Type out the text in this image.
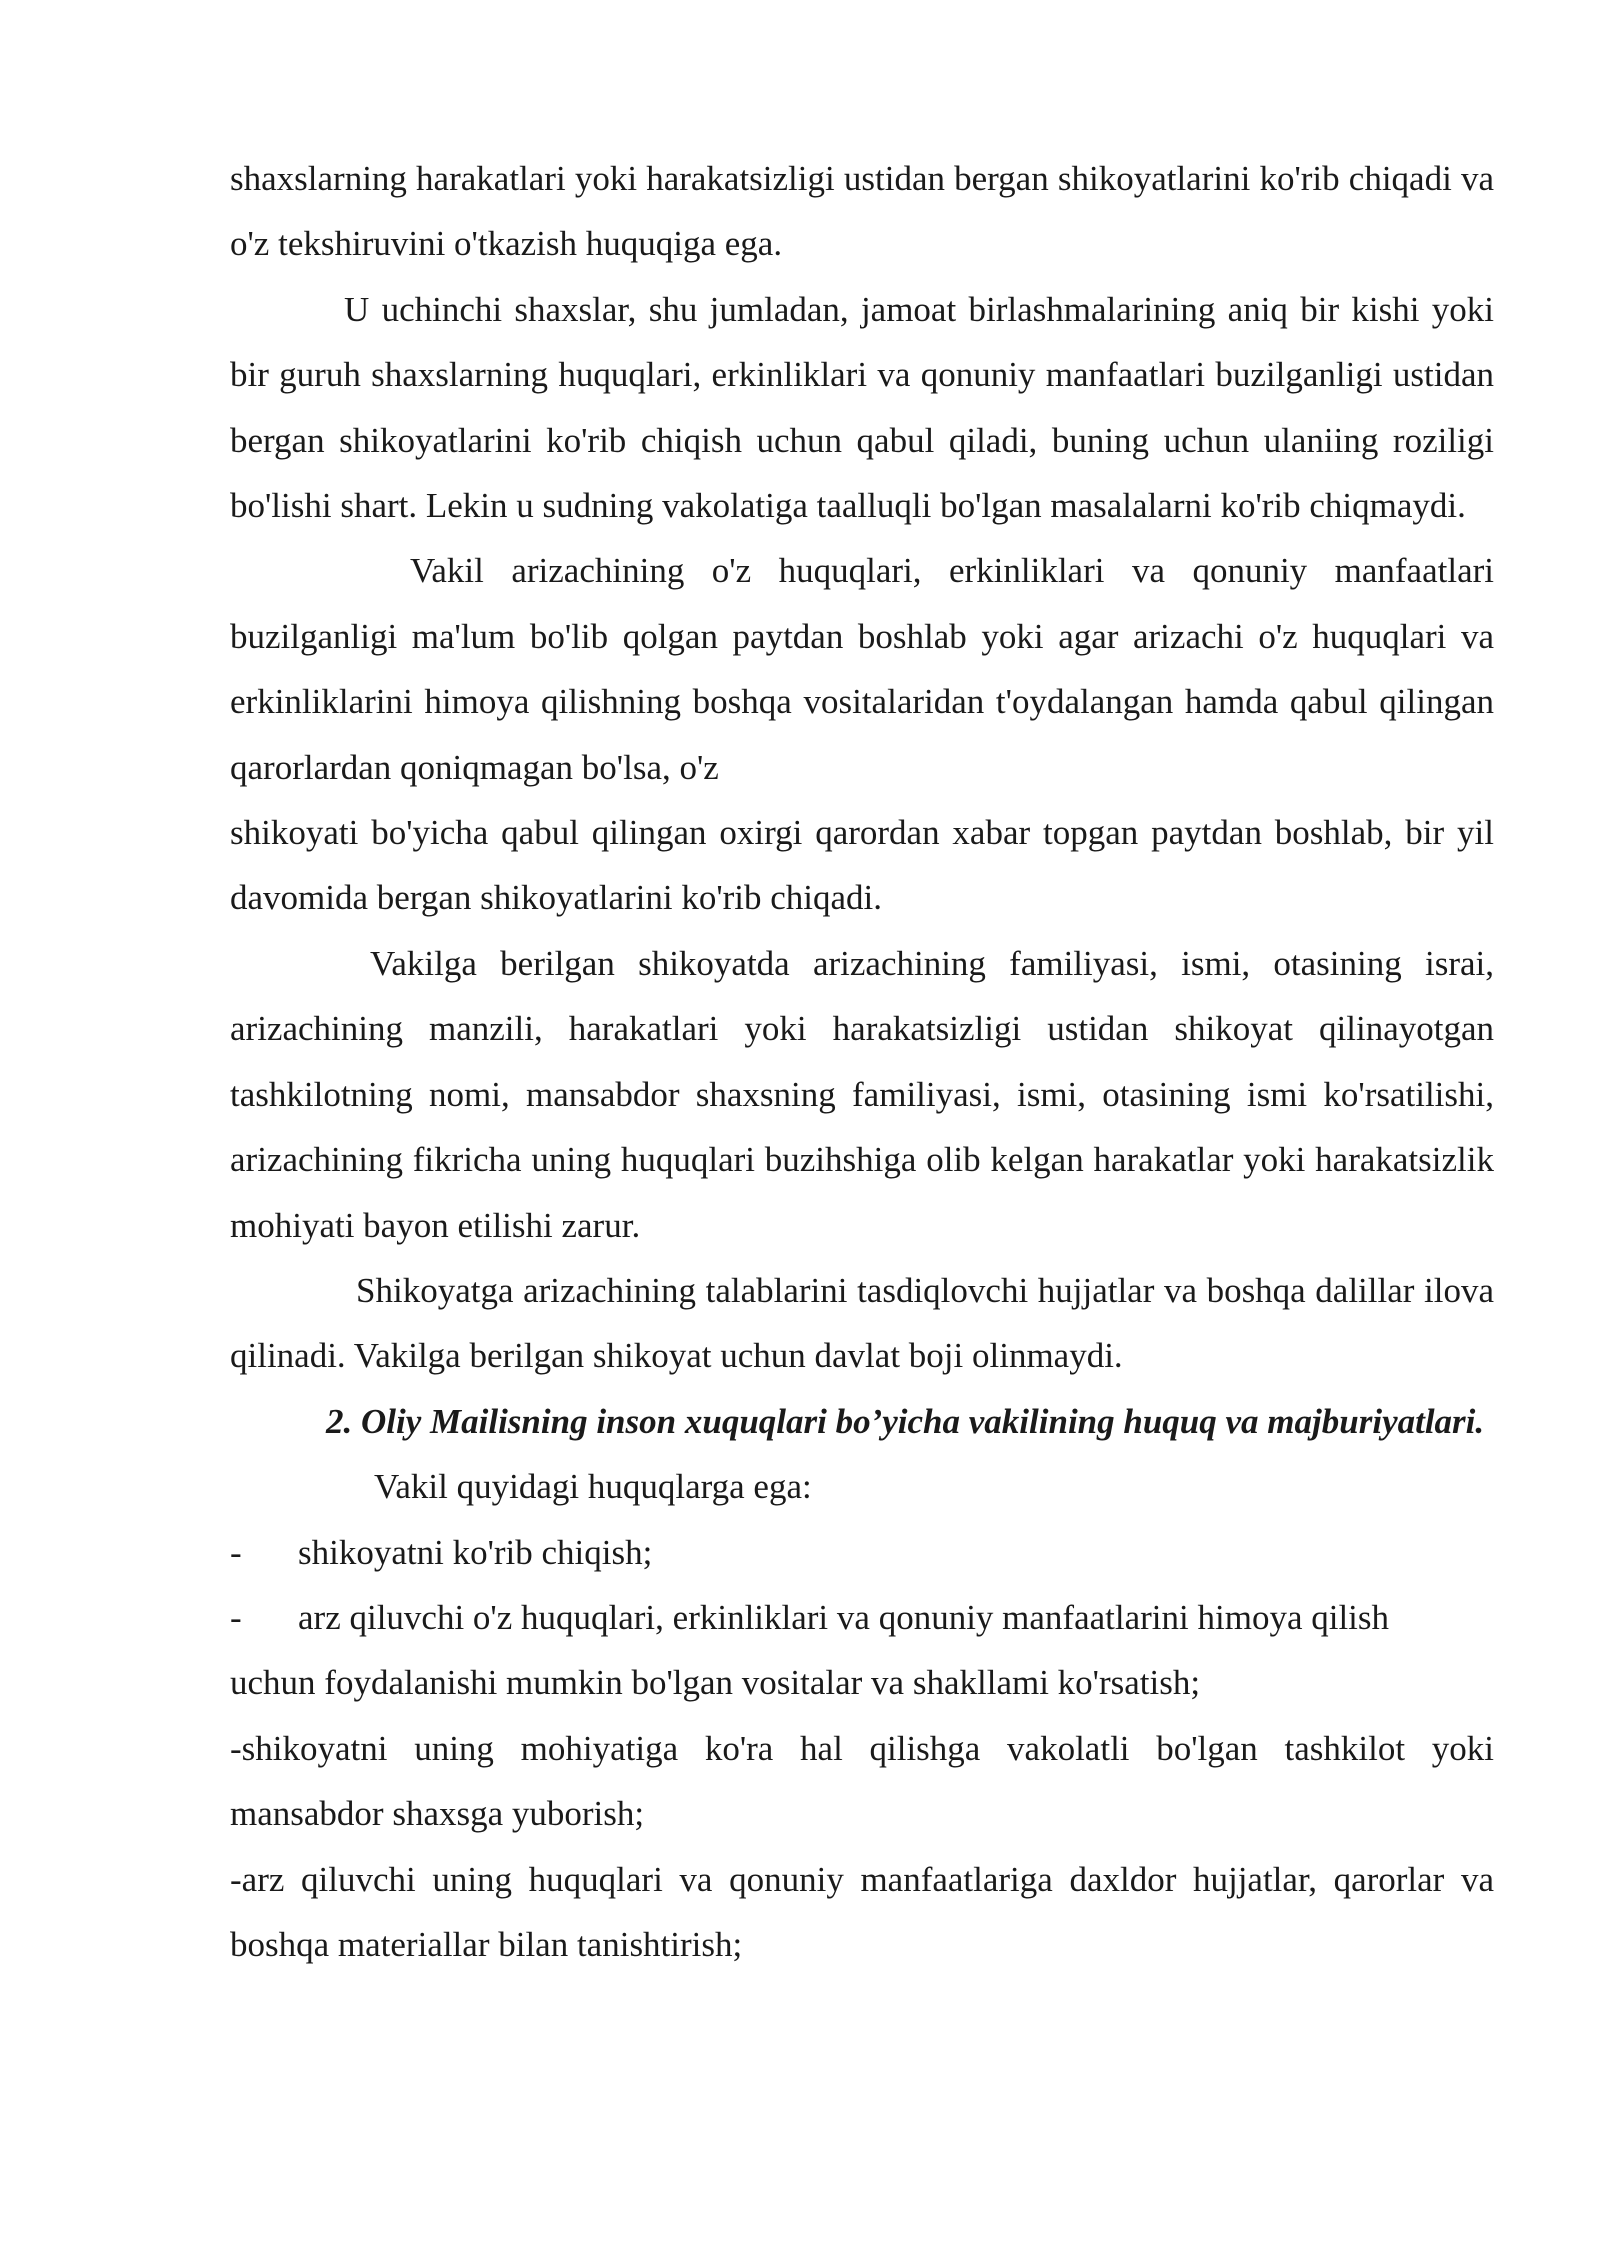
shaxslarning harakatlari yoki harakatsizligi ustidan bergan shikoyatlarini ko'rib chiqadi va o'z tekshiruvini o'tkazish huquqiga ega.

U uchinchi shaxslar, shu jumladan, jamoat birlashmalarining aniq bir kishi yoki bir guruh shaxslarning huquqlari, erkinliklari va qonuniy manfaatlari buzilganligi ustidan bergan shikoyatlarini ko'rib chiqish uchun qabul qiladi, buning uchun ulaniing roziligi bo'lishi shart. Lekin u sudning vakolatiga taalluqli bo'lgan masalalarni ko'rib chiqmaydi.

Vakil arizachining o'z huquqlari, erkinliklari va qonuniy manfaatlari buzilganligi ma'lum bo'lib qolgan paytdan boshlab yoki agar arizachi o'z huquqlari va erkinliklarini himoya qilishning boshqa vositalaridan t'oydalangan hamda qabul qilingan qarorlardan qoniqmagan bo'lsa, o'z

shikoyati bo'yicha qabul qilingan oxirgi qarordan xabar topgan paytdan boshlab, bir yil davomida bergan shikoyatlarini ko'rib chiqadi.

Vakilga berilgan shikoyatda arizachining familiyasi, ismi, otasining israi, arizachining manzili, harakatlari yoki harakatsizligi ustidan shikoyat qilinayotgan tashkilotning nomi, mansabdor shaxsning familiyasi, ismi, otasining ismi ko'rsatilishi, arizachining fikricha uning huquqlari buzihshiga olib kelgan harakatlar yoki harakatsizlik mohiyati bayon etilishi zarur.

Shikoyatga arizachining talablarini tasdiqlovchi hujjatlar va boshqa dalillar ilova qilinadi. Vakilga berilgan shikoyat uchun davlat boji olinmaydi.

2. Oliy Mailisning inson xuquqlari bo’yicha vakilining huquq va majburiyatlari.

Vakil quyidagi huquqlarga ega:

-	shikoyatni ko'rib chiqish;
-	arz qiluvchi o'z huquqlari, erkinliklari va qonuniy manfaatlarini himoya qilish

uchun foydalanishi mumkin bo'lgan vositalar va shakllami ko'rsatish;

-shikoyatni uning mohiyatiga ko'ra hal qilishga vakolatli bo'lgan tashkilot yoki mansabdor shaxsga yuborish;

-arz qiluvchi uning huquqlari va qonuniy manfaatlariga daxldor hujjatlar, qarorlar va boshqa materiallar bilan tanishtirish;
